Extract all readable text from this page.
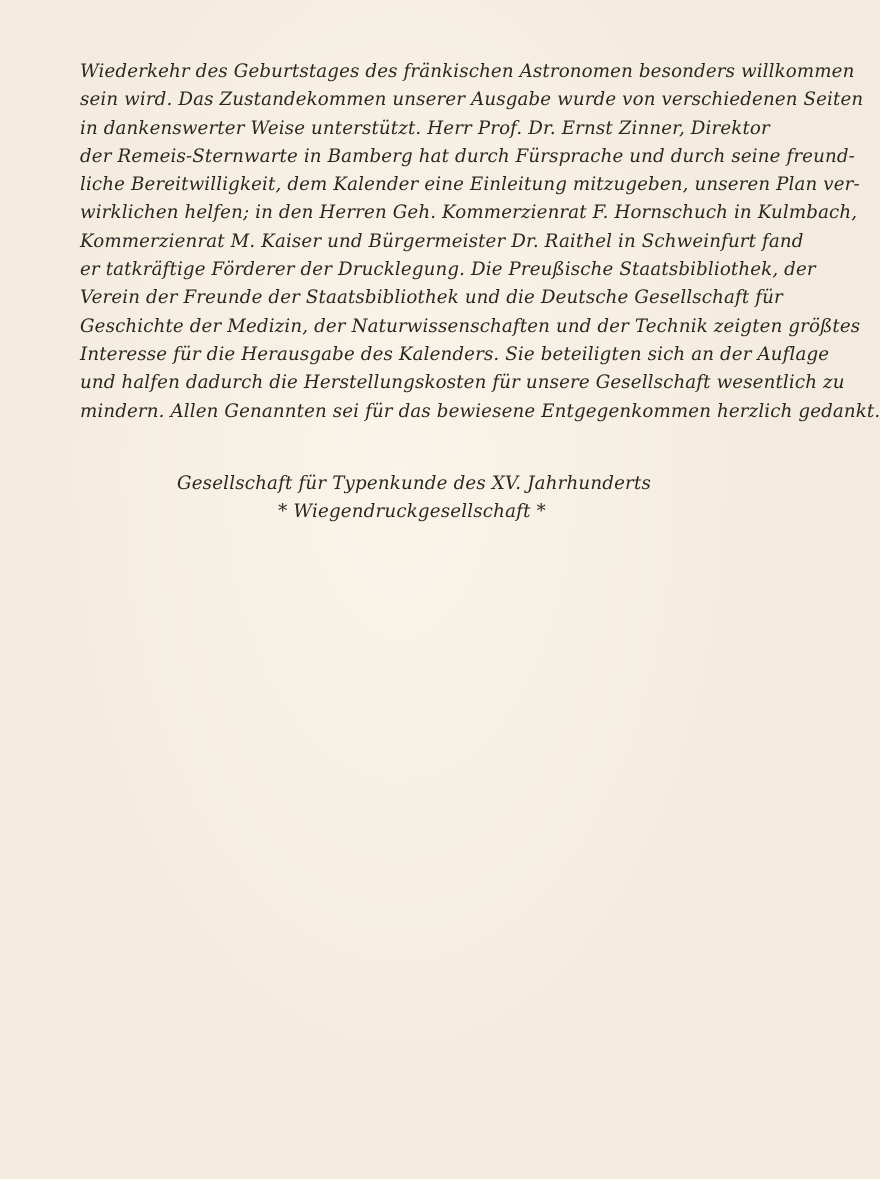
Wiederkehr des Geburtstages des fränkischen Astronomen besonders willkommen
sein wird. Das Zustandekommen unserer Ausgabe wurde von verschiedenen Seiten
in dankenswerter Weise unterstützt. Herr Prof. Dr. Ernst Zinner, Direktor
der Remeis-Sternwarte in Bamberg hat durch Fürsprache und durch seine freund-
liche Bereitwilligkeit, dem Kalender eine Einleitung mitzugeben, unseren Plan ver-
wirklichen helfen; in den Herren Geh. Kommerzienrat F. Hornschuch in Kulmbach,
Kommerzienrat M. Kaiser und Bürgermeister Dr. Raithel in Schweinfurt fand
er tatkräftige Förderer der Drucklegung. Die Preußische Staatsbibliothek, der
Verein der Freunde der Staatsbibliothek und die Deutsche Gesellschaft für
Geschichte der Medizin, der Naturwissenschaften und der Technik zeigten größtes
Interesse für die Herausgabe des Kalenders. Sie beteiligten sich an der Auflage
und halfen dadurch die Herstellungskosten für unsere Gesellschaft wesentlich zu
mindern. Allen Genannten sei für das bewiesene Entgegenkommen herzlich gedankt.
Gesellschaft für Typenkunde des XV. Jahrhunderts
* Wiegendruckgesellschaft *
